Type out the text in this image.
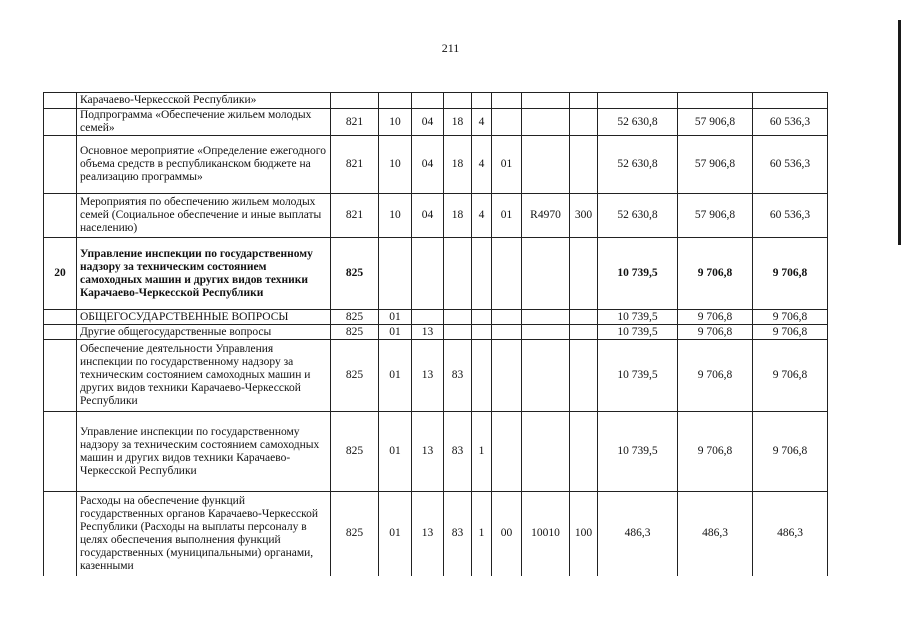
211
	Карачаево-Черкесской Республики»											
	Подпрограмма «Обеспечение жильем молодых семей»	821	10	04	18	4				52 630,8	57 906,8	60 536,3
	Основное мероприятие «Определение ежегодного объема средств в республиканском бюджете на реализацию программы»	821	10	04	18	4	01			52 630,8	57 906,8	60 536,3
	Мероприятия по обеспечению жильем молодых семей (Социальное обеспечение и иные выплаты населению)	821	10	04	18	4	01	R4970	300	52 630,8	57 906,8	60 536,3
20	Управление инспекции по государственному надзору за техническим состоянием самоходных машин и других видов техники Карачаево-Черкесской Республики	825								10 739,5	9 706,8	9 706,8
	ОБЩЕГОСУДАРСТВЕННЫЕ ВОПРОСЫ	825	01							10 739,5	9 706,8	9 706,8
	Другие общегосударственные вопросы	825	01	13						10 739,5	9 706,8	9 706,8
	Обеспечение деятельности Управления инспекции по государственному надзору за техническим состоянием самоходных машин и других видов техники Карачаево-Черкесской Республики	825	01	13	83					10 739,5	9 706,8	9 706,8
	Управление инспекции по государственному надзору за техническим состоянием самоходных машин и других видов техники Карачаево-Черкесской Республики	825	01	13	83	1				10 739,5	9 706,8	9 706,8
	Расходы на обеспечение функций государственных органов Карачаево-Черкесской Республики (Расходы на выплаты персоналу в целях обеспечения выполнения функций государственных (муниципальными) органами, казенными	825	01	13	83	1	00	10010	100	486,3	486,3	486,3
